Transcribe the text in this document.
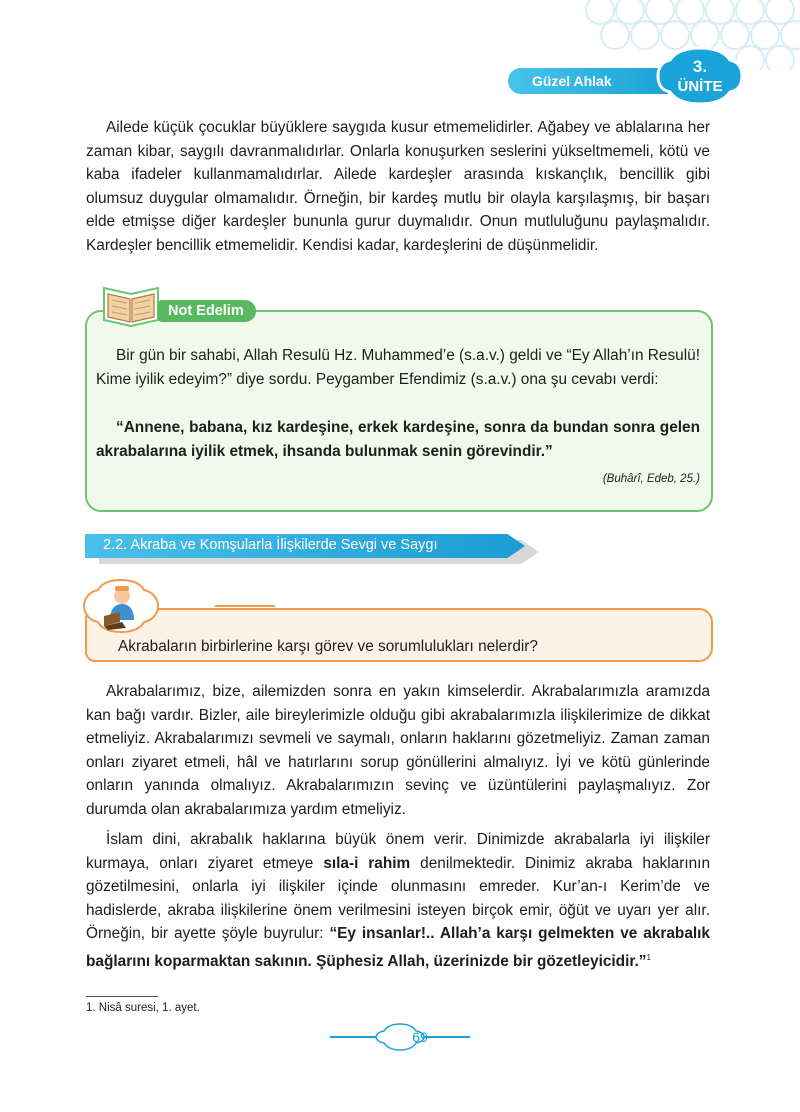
Güzel Ahlak
3.
ÜNİTE

Ailede küçük çocuklar büyüklere saygıda kusur etmemelidirler. Ağabey ve ablalarına her zaman kibar, saygılı davranmalıdırlar. Onlarla konuşurken seslerini yükseltmemeli, kötü ve kaba ifadeler kullanmamalıdırlar. Ailede kardeşler arasında kıskançlık, bencillik gibi olumsuz duygular olmamalıdır. Örneğin, bir kardeş mutlu bir olayla karşılaşmış, bir başarı elde etmişse diğer kardeşler bununla gurur duymalıdır. Onun mutluluğunu paylaşmalıdır. Kardeşler bencillik etmemelidir. Kendisi kadar, kardeşlerini de düşünmelidir.

Not Edelim

Bir gün bir sahabi, Allah Resulü Hz. Muhammed’e (s.a.v.) geldi ve “Ey Allah’ın Resulü! Kime iyilik edeyim?” diye sordu. Peygamber Efendimiz (s.a.v.) ona şu cevabı verdi:

“Annene, babana, kız kardeşine, erkek kardeşine, sonra da bundan sonra gelen akrabalarına iyilik etmek, ihsanda bulunmak senin görevindir.”

(Buhârî, Edeb, 25.)
2.2. Akraba ve Komşularla İlişkilerde Sevgi ve Saygı
Akrabaların birbirlerine karşı görev ve sorumlulukları nelerdir?

Akrabalarımız, bize, ailemizden sonra en yakın kimselerdir. Akrabalarımızla aramızda kan bağı vardır. Bizler, aile bireylerimizle olduğu gibi akrabalarımızla ilişkilerimize de dikkat etmeliyiz. Akrabalarımızı sevmeli ve saymalı, onların haklarını gözetmeliyiz. Zaman zaman onları ziyaret etmeli, hâl ve hatırlarını sorup gönüllerini almalıyız. İyi ve kötü günlerinde onların yanında olmalıyız. Akrabalarımızın sevinç ve üzüntülerini paylaşmalıyız. Zor durumda olan akrabalarımıza yardım etmeliyiz.

İslam dini, akrabalık haklarına büyük önem verir. Dinimizde akrabalarla iyi ilişkiler kurmaya, onları ziyaret etmeye sıla-i rahim denilmektedir. Dinimiz akraba haklarının gözetilmesini, onlarla iyi ilişkiler içinde olunmasını emreder. Kur’an-ı Kerim’de ve hadislerde, akraba ilişkilerine önem verilmesini isteyen birçok emir, öğüt ve uyarı yer alır. Örneğin, bir ayette şöyle buyrulur: “Ey insanlar!.. Allah’a karşı gelmekten ve akrabalık bağlarını koparmaktan sakının. Şüphesiz Allah, üzerinizde bir gözetleyicidir.”$^1$

1. Nisâ suresi, 1. ayet.
69
